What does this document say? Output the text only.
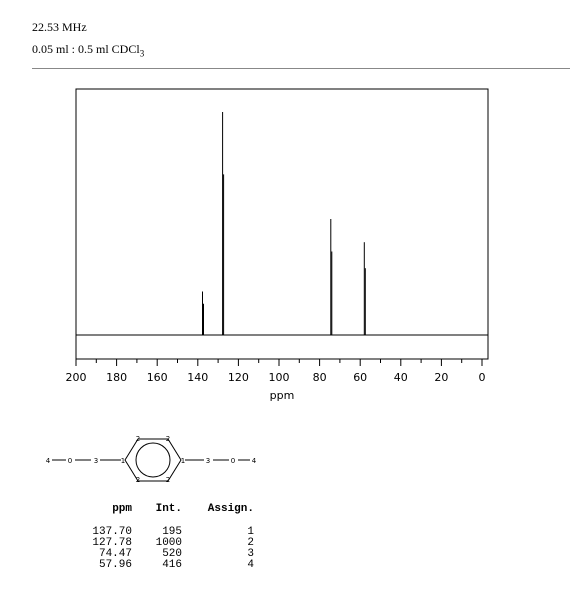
22.53 MHz
0.05 ml : 0.5 ml CDCl$_3$
200 180 160 140 120 100 80 60 40 20	0
ppm
4	0	3	1
2	2
2	2
1	3	0 4
ppm	Int.	Assign.
137.70	195	1
127.78	1000	2
74.47	520	3
57.96	416	4
